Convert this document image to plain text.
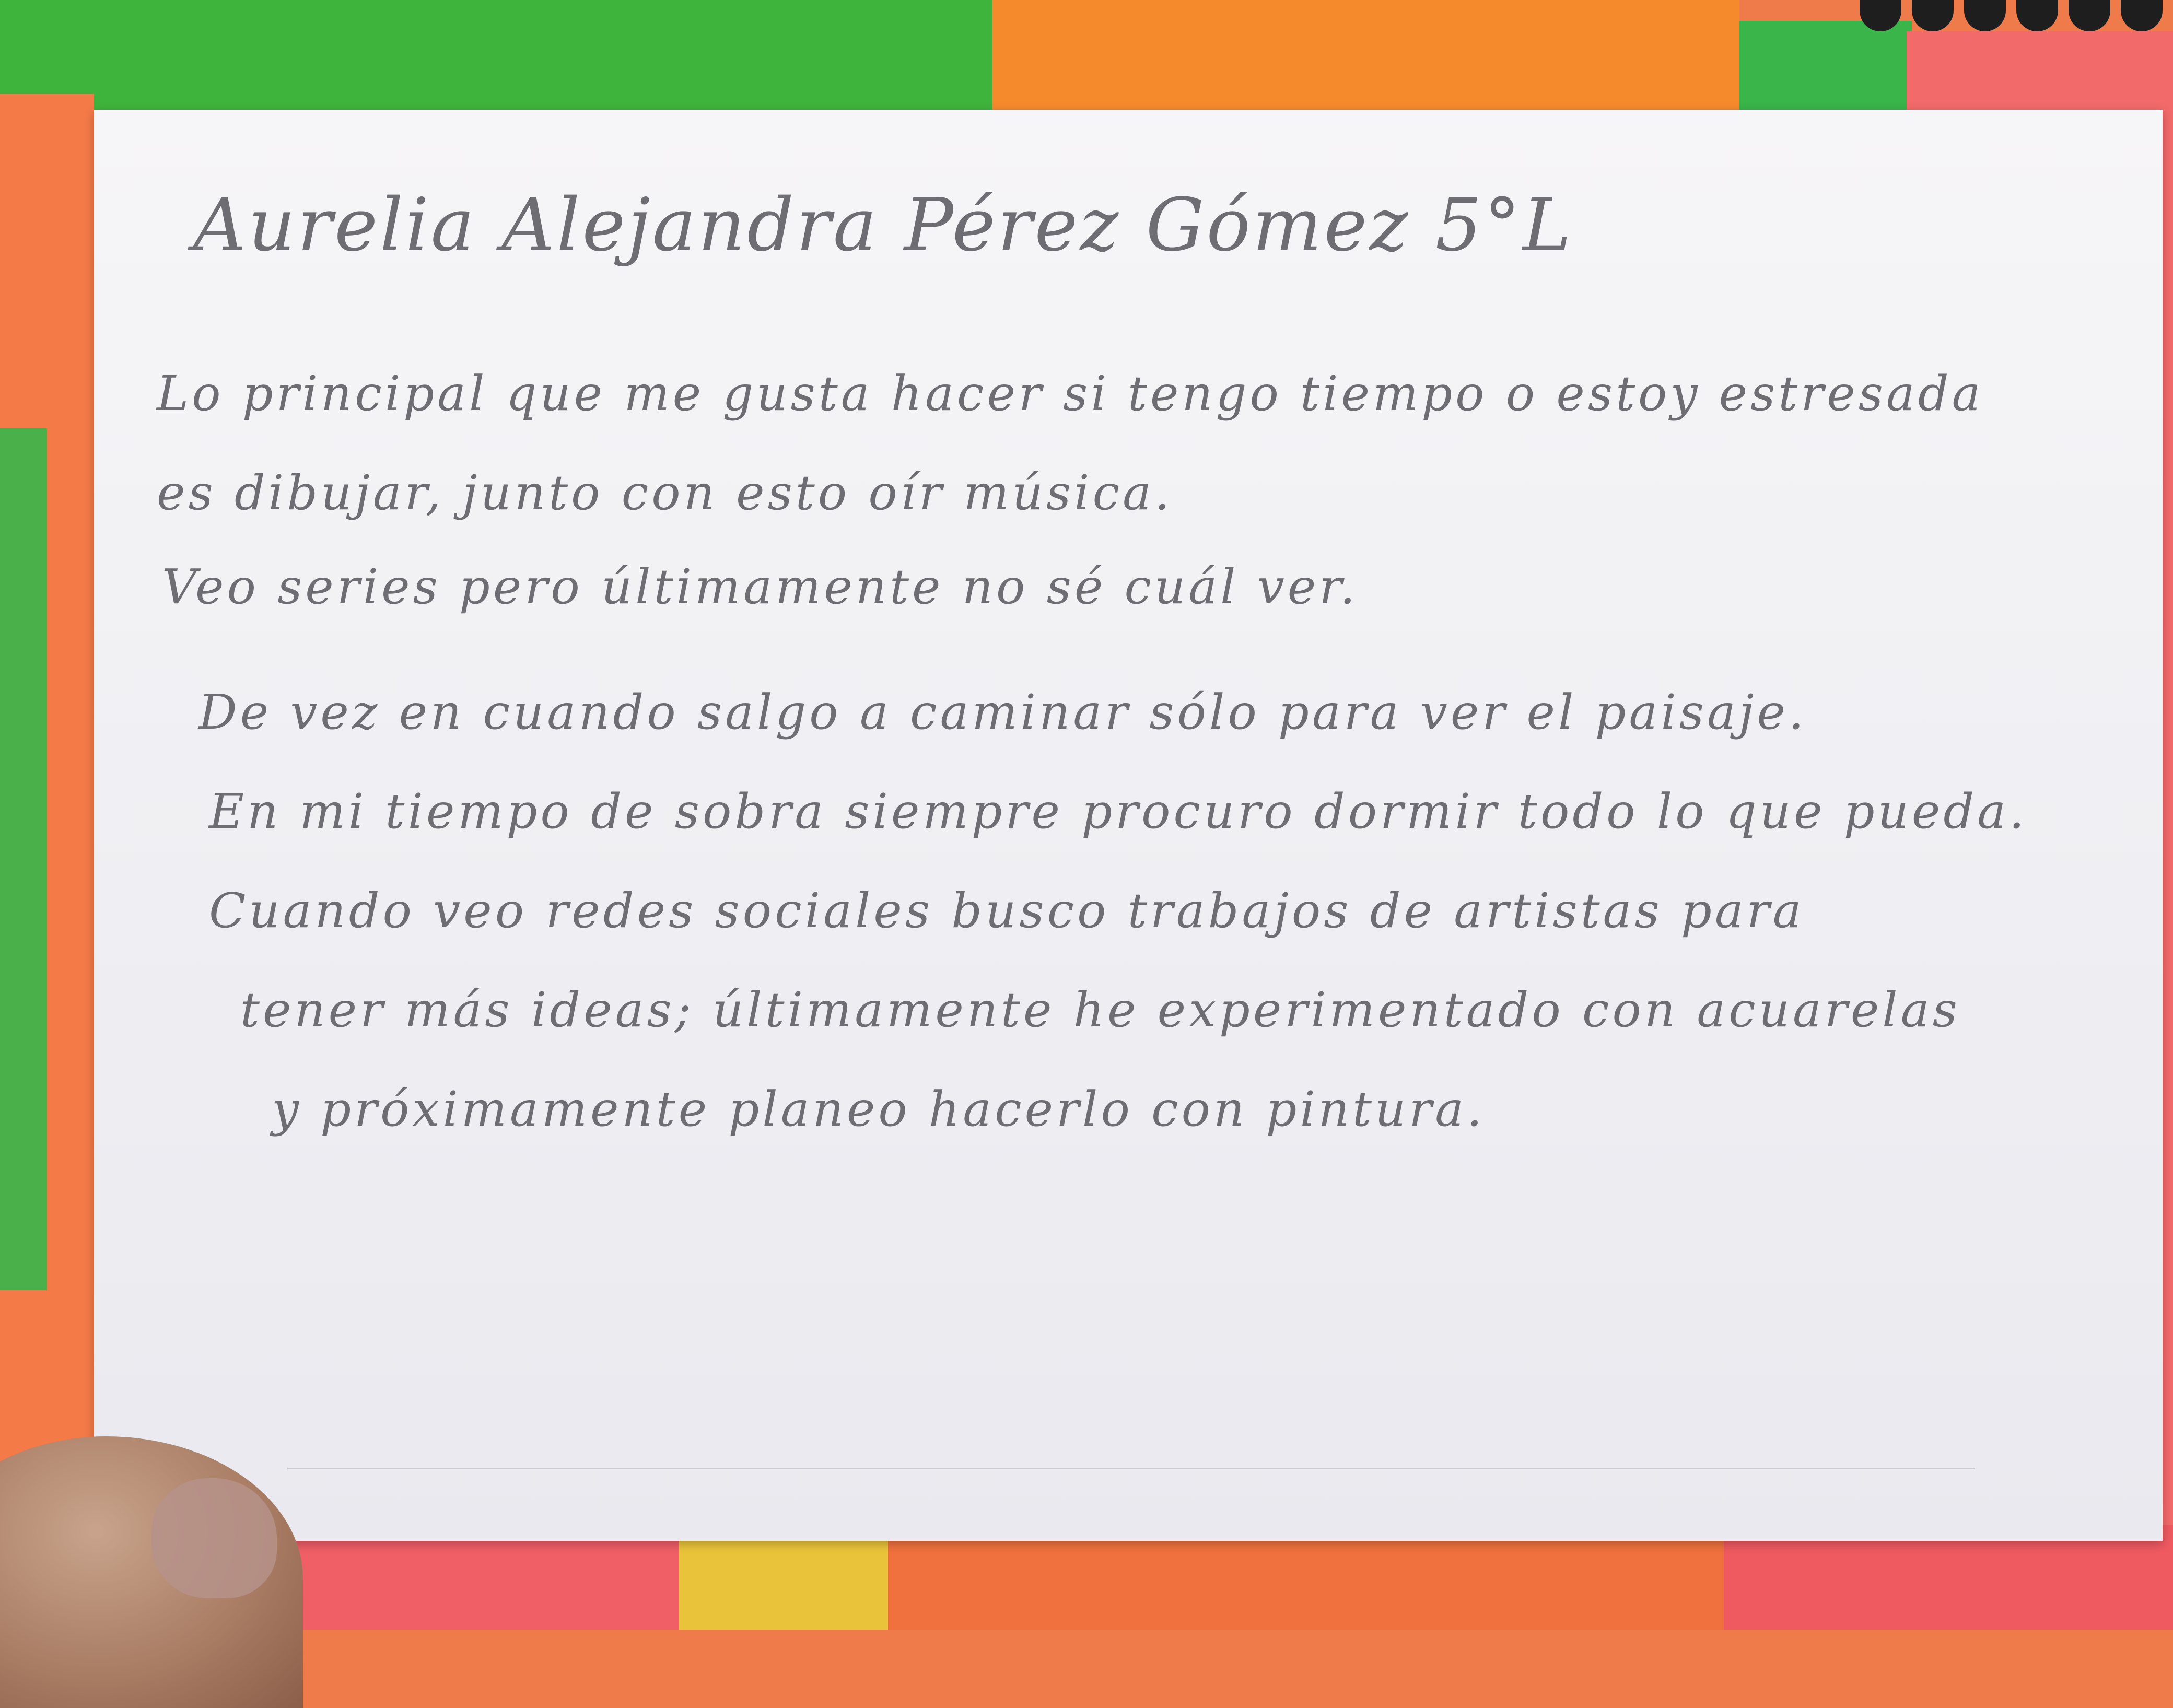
Aurelia Alejandra Pérez Gómez 5°L
Lo principal que me gusta hacer si tengo tiempo o estoy estresada
es dibujar, junto con esto oír música.
Veo series pero últimamente no sé cuál ver.
De vez en cuando salgo a caminar sólo para ver el paisaje.
En mi tiempo de sobra siempre procuro dormir todo lo que pueda.
Cuando veo redes sociales busco trabajos de artistas para
tener más ideas; últimamente he experimentado con acuarelas
y próximamente planeo hacerlo con pintura.
